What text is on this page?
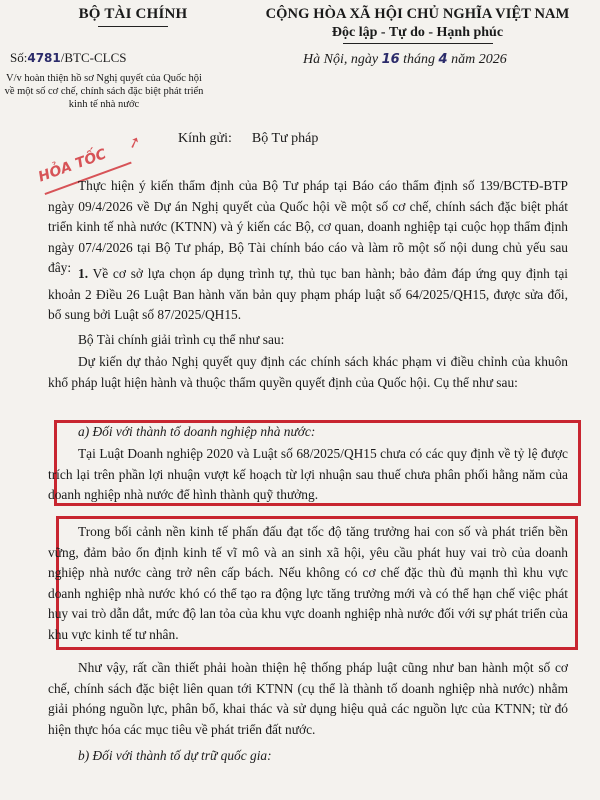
BỘ TÀI CHÍNH	CỘNG HÒA XÃ HỘI CHỦ NGHĨA VIỆT NAM
Độc lập - Tự do - Hạnh phúc
Số:4781/BTC-CLCS	Hà Nội, ngày 16 tháng 4 năm 2026
V/v hoàn thiện hồ sơ Nghị quyết của Quốc hội về một số cơ chế, chính sách đặc biệt phát triển kinh tế nhà nước
Kính gửi: Bộ Tư pháp
HỎA TỐC
➚
Thực hiện ý kiến thẩm định của Bộ Tư pháp tại Báo cáo thẩm định số 139/BCTĐ-BTP ngày 09/4/2026 về Dự án Nghị quyết của Quốc hội về một số cơ chế, chính sách đặc biệt phát triển kinh tế nhà nước (KTNN) và ý kiến các Bộ, cơ quan, doanh nghiệp tại cuộc họp thẩm định ngày 07/4/2026 tại Bộ Tư pháp, Bộ Tài chính báo cáo và làm rõ một số nội dung chủ yếu sau đây: 1. Về cơ sở lựa chọn áp dụng trình tự, thủ tục ban hành; bảo đảm đáp ứng quy định tại khoản 2 Điều 26 Luật Ban hành văn bản quy phạm pháp luật số 64/2025/QH15, được sửa đổi, bổ sung bởi Luật số 87/2025/QH15.
Bộ Tài chính giải trình cụ thể như sau:
Dự kiến dự thảo Nghị quyết quy định các chính sách khác phạm vi điều chỉnh của khuôn khổ pháp luật hiện hành và thuộc thẩm quyền quyết định của Quốc hội. Cụ thể như sau:
a) Đối với thành tố doanh nghiệp nhà nước:
Tại Luật Doanh nghiệp 2020 và Luật số 68/2025/QH15 chưa có các quy định về tỷ lệ được trích lại trên phần lợi nhuận vượt kế hoạch từ lợi nhuận sau thuế chưa phân phối hằng năm của doanh nghiệp nhà nước để hình thành quỹ thưởng.
Trong bối cảnh nền kinh tế phấn đấu đạt tốc độ tăng trưởng hai con số và phát triển bền vững, đảm bảo ổn định kinh tế vĩ mô và an sinh xã hội, yêu cầu phát huy vai trò của doanh nghiệp nhà nước càng trở nên cấp bách. Nếu không có cơ chế đặc thù đủ mạnh thì khu vực doanh nghiệp nhà nước khó có thể tạo ra động lực tăng trưởng mới và có thể hạn chế việc phát huy vai trò dẫn dắt, mức độ lan tỏa của khu vực doanh nghiệp nhà nước đối với sự phát triển của khu vực kinh tế tư nhân.
Như vậy, rất cần thiết phải hoàn thiện hệ thống pháp luật cũng như ban hành một số cơ chế, chính sách đặc biệt liên quan tới KTNN (cụ thể là thành tố doanh nghiệp nhà nước) nhằm giải phóng nguồn lực, phân bổ, khai thác và sử dụng hiệu quả các nguồn lực của KTNN; từ đó hiện thực hóa các mục tiêu về phát triển đất nước.
b) Đối với thành tố dự trữ quốc gia:
